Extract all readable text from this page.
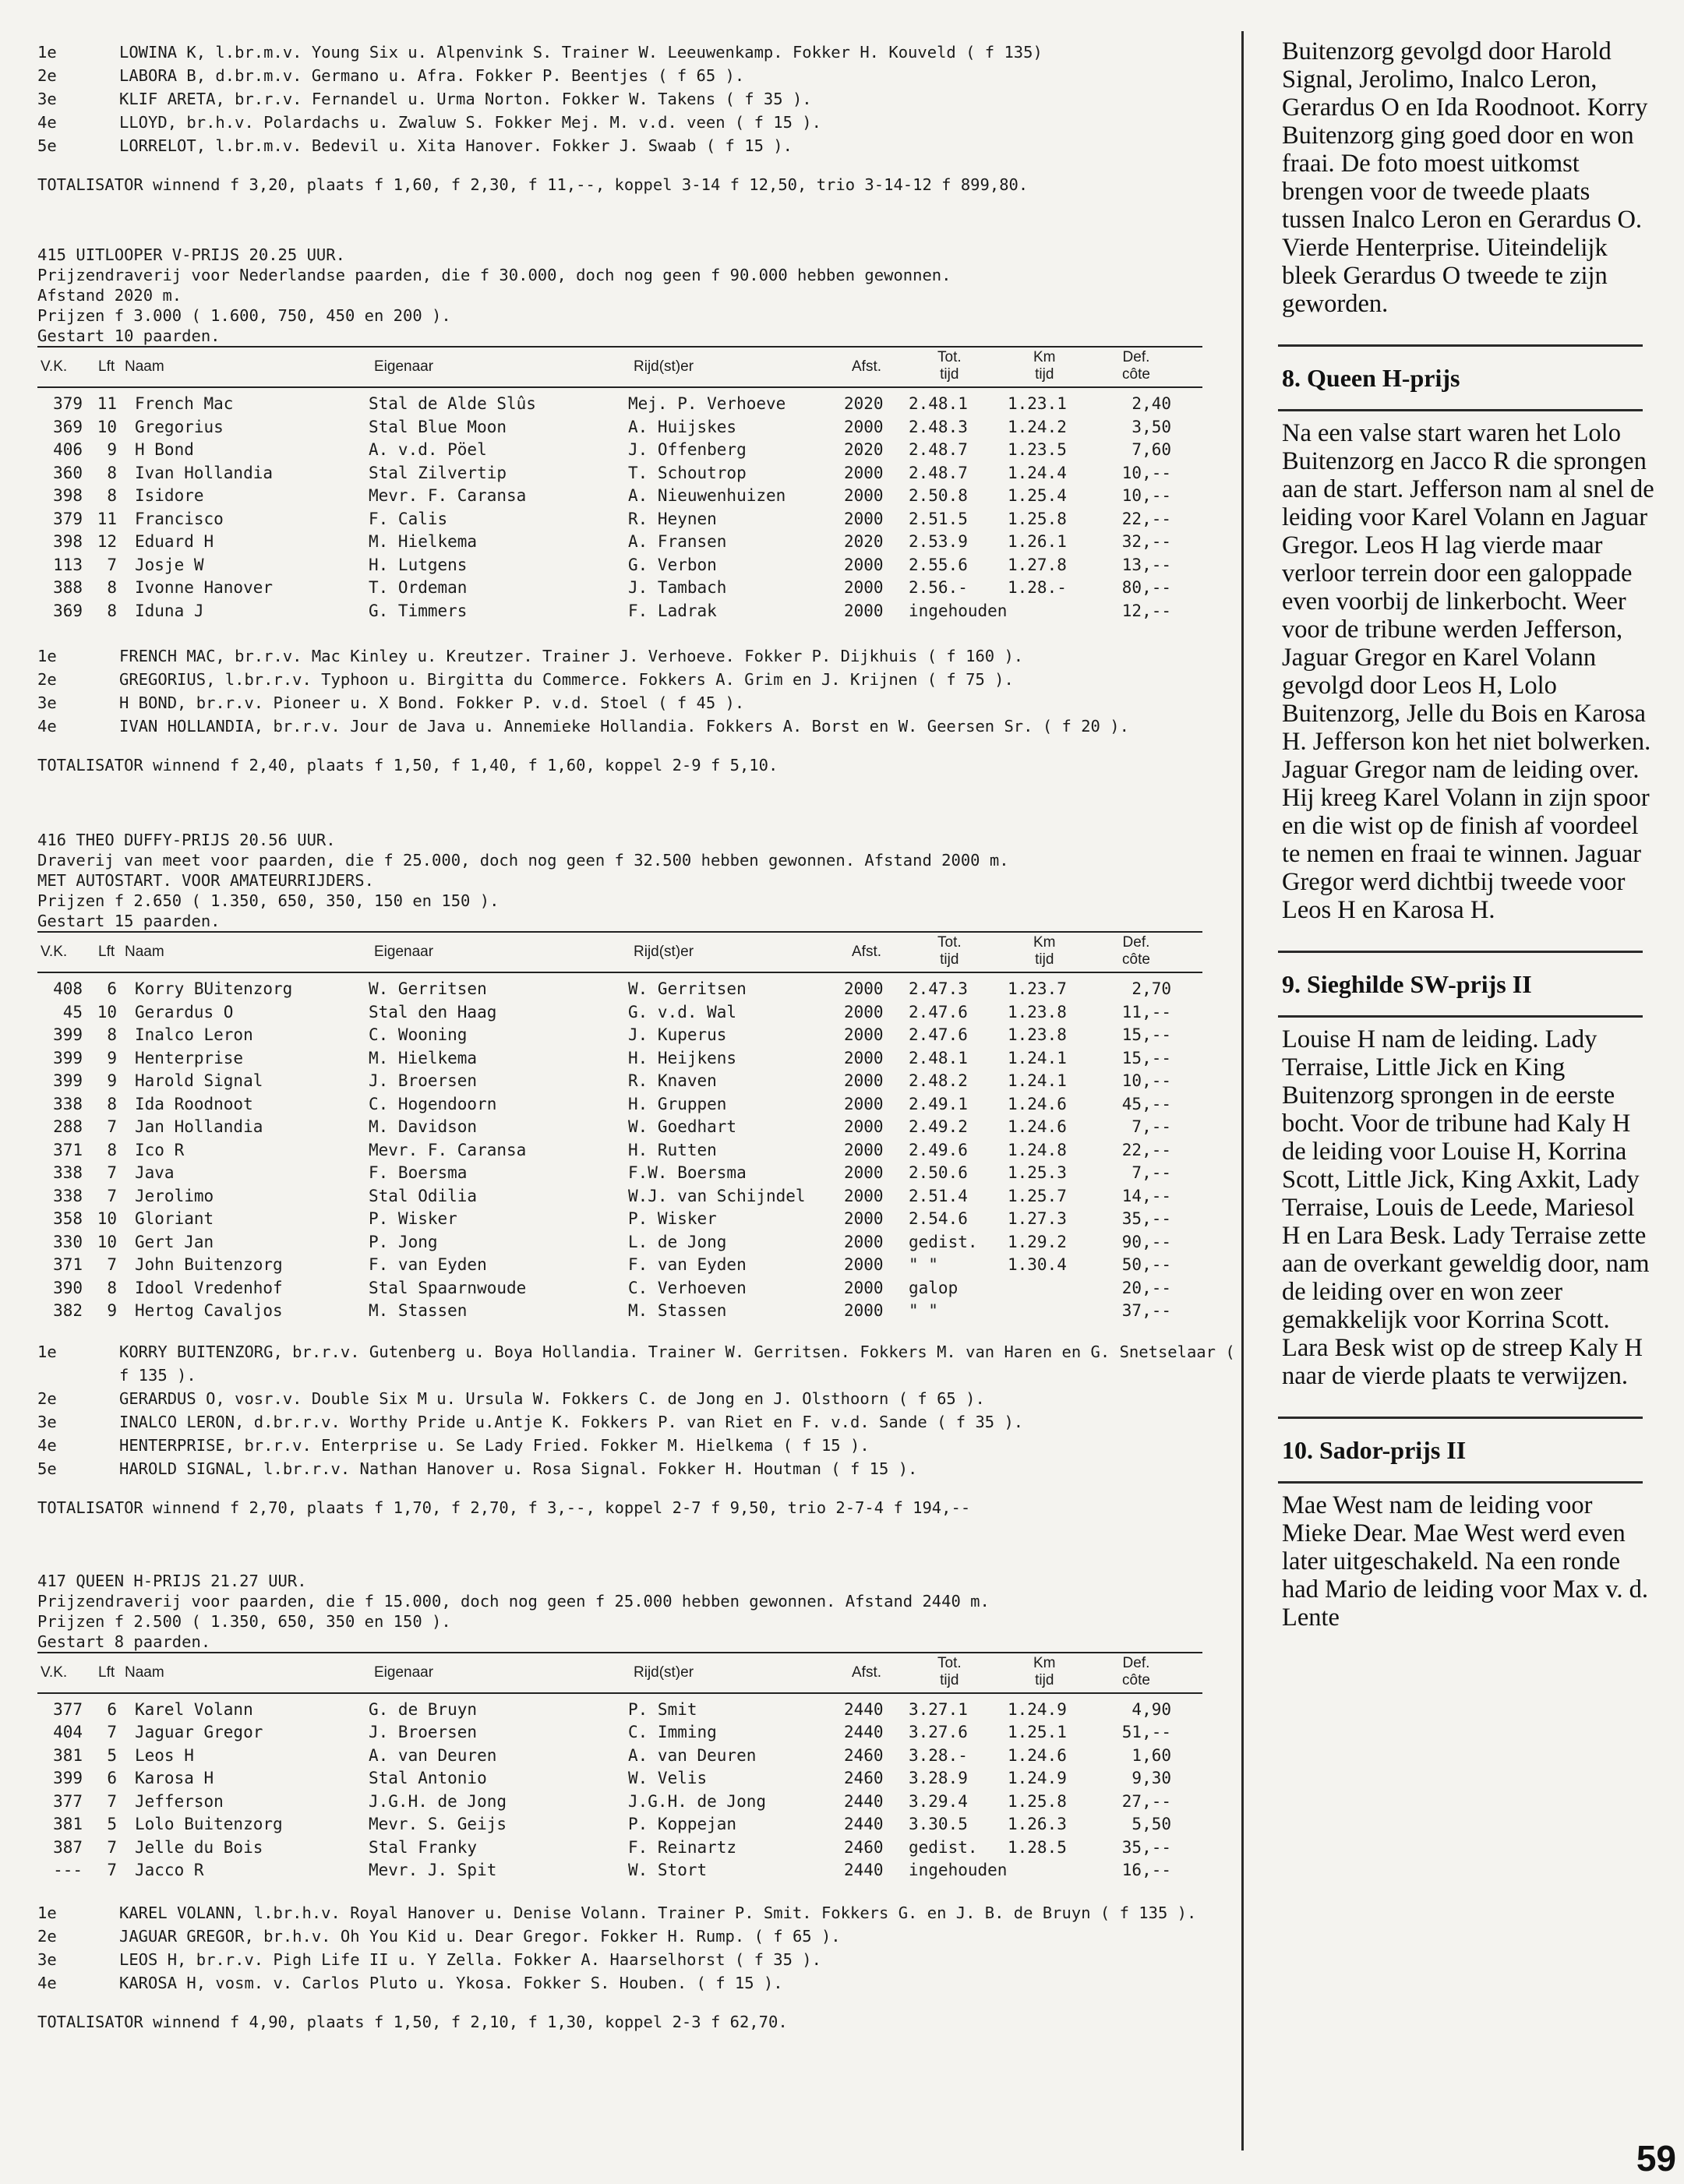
1e	LOWINA K, l.br.m.v. Young Six u. Alpenvink S. Trainer W. Leeuwenkamp. Fokker H. Kouveld ( f 135)
2e	LABORA B, d.br.m.v. Germano u. Afra. Fokker P. Beentjes ( f 65 ).
3e	KLIF ARETA, br.r.v. Fernandel u. Urma Norton. Fokker W. Takens ( f 35 ).
4e	LLOYD, br.h.v. Polardachs u. Zwaluw S. Fokker Mej. M. v.d. veen ( f 15 ).
5e	LORRELOT, l.br.m.v. Bedevil u. Xita Hanover. Fokker J. Swaab ( f 15 ).
TOTALISATOR winnend f 3,20, plaats f 1,60, f 2,30, f 11,--, koppel 3-14 f 12,50, trio 3-14-12 f 899,80.
415 UITLOOPER V-PRIJS 20.25 UUR.
Prijzendraverij voor Nederlandse paarden, die f 30.000, doch nog geen f 90.000 hebben gewonnen.
Afstand 2020 m.
Prijzen f 3.000 ( 1.600, 750, 450 en 200 ).
Gestart 10 paarden.
V.K. Lft Naam	Eigenaar	Rijd(st)er	Afst.
Tot.
tijd
Km
tijd
Def.
côte
379 11 French Mac	Stal de Alde Slûs	Mej. P. Verhoeve	2020	2.48.1	1.23.1	2,40
369 10 Gregorius	Stal Blue Moon	A. Huijskes	2000	2.48.3	1.24.2	3,50
406	9 H Bond	A. v.d. Pöel	J. Offenberg	2020	2.48.7	1.23.5	7,60
360	8 Ivan Hollandia	Stal Zilvertip	T. Schoutrop	2000	2.48.7	1.24.4	10,--
398	8 Isidore	Mevr. F. Caransa	A. Nieuwenhuizen	2000	2.50.8	1.25.4	10,--
379 11 Francisco	F. Calis	R. Heynen	2000	2.51.5	1.25.8	22,--
398 12 Eduard H	M. Hielkema	A. Fransen	2020	2.53.9	1.26.1	32,--
113	7 Josje W	H. Lutgens	G. Verbon	2000	2.55.6	1.27.8	13,--
388	8 Ivonne Hanover	T. Ordeman	J. Tambach	2000	2.56.-	1.28.-	80,--
369	8 Iduna J	G. Timmers	F. Ladrak	2000	ingehouden	12,--
1e	FRENCH MAC, br.r.v. Mac Kinley u. Kreutzer. Trainer J. Verhoeve. Fokker P. Dijkhuis ( f 160 ).
2e	GREGORIUS, l.br.r.v. Typhoon u. Birgitta du Commerce. Fokkers A. Grim en J. Krijnen ( f 75 ).
3e	H BOND, br.r.v. Pioneer u. X Bond. Fokker P. v.d. Stoel ( f 45 ).
4e	IVAN HOLLANDIA, br.r.v. Jour de Java u. Annemieke Hollandia. Fokkers A. Borst en W. Geersen Sr. ( f 20 ).
TOTALISATOR winnend f 2,40, plaats f 1,50, f 1,40, f 1,60, koppel 2-9 f 5,10.
416 THEO DUFFY-PRIJS 20.56 UUR.
Draverij van meet voor paarden, die f 25.000, doch nog geen f 32.500 hebben gewonnen. Afstand 2000 m.
MET AUTOSTART. VOOR AMATEURRIJDERS.
Prijzen f 2.650 ( 1.350, 650, 350, 150 en 150 ).
Gestart 15 paarden.
V.K. Lft Naam	Eigenaar	Rijd(st)er	Afst.
Tot.
tijd
Km
tijd
Def.
côte
408	6 Korry BUitenzorg	W. Gerritsen	W. Gerritsen	2000	2.47.3	1.23.7	2,70
45 10 Gerardus O	Stal den Haag	G. v.d. Wal	2000	2.47.6	1.23.8	11,--
399	8 Inalco Leron	C. Wooning	J. Kuperus	2000	2.47.6	1.23.8	15,--
399	9 Henterprise	M. Hielkema	H. Heijkens	2000	2.48.1	1.24.1	15,--
399	9 Harold Signal	J. Broersen	R. Knaven	2000	2.48.2	1.24.1	10,--
338	8 Ida Roodnoot	C. Hogendoorn	H. Gruppen	2000	2.49.1	1.24.6	45,--
288	7 Jan Hollandia	M. Davidson	W. Goedhart	2000	2.49.2	1.24.6	7,--
371	8 Ico R	Mevr. F. Caransa	H. Rutten	2000	2.49.6	1.24.8	22,--
338	7 Java	F. Boersma	F.W. Boersma	2000	2.50.6	1.25.3	7,--
338	7 Jerolimo	Stal Odilia	W.J. van Schijndel	2000	2.51.4	1.25.7	14,--
358 10 Gloriant	P. Wisker	P. Wisker	2000	2.54.6	1.27.3	35,--
330 10 Gert Jan	P. Jong	L. de Jong	2000	gedist.	1.29.2	90,--
371	7 John Buitenzorg	F. van Eyden	F. van Eyden	2000	" "	1.30.4	50,--
390	8 Idool Vredenhof	Stal Spaarnwoude	C. Verhoeven	2000	galop	20,--
382	9 Hertog Cavaljos	M. Stassen	M. Stassen	2000	" "	37,--
1e	KORRY BUITENZORG, br.r.v. Gutenberg u. Boya Hollandia. Trainer W. Gerritsen. Fokkers M. van Haren en G. Snetselaar ( f 135 ).
2e	GERARDUS O, vosr.v. Double Six M u. Ursula W. Fokkers C. de Jong en J. Olsthoorn ( f 65 ).
3e	INALCO LERON, d.br.r.v. Worthy Pride u.Antje K. Fokkers P. van Riet en F. v.d. Sande ( f 35 ).
4e	HENTERPRISE, br.r.v. Enterprise u. Se Lady Fried. Fokker M. Hielkema ( f 15 ).
5e	HAROLD SIGNAL, l.br.r.v. Nathan Hanover u. Rosa Signal. Fokker H. Houtman ( f 15 ).
TOTALISATOR winnend f 2,70, plaats f 1,70, f 2,70, f 3,--, koppel 2-7 f 9,50, trio 2-7-4 f 194,--
417 QUEEN H-PRIJS 21.27 UUR.
Prijzendraverij voor paarden, die f 15.000, doch nog geen f 25.000 hebben gewonnen. Afstand 2440 m.
Prijzen f 2.500 ( 1.350, 650, 350 en 150 ).
Gestart 8 paarden.
V.K. Lft Naam	Eigenaar	Rijd(st)er	Afst.
Tot.
tijd
Km
tijd
Def.
côte
377	6 Karel Volann	G. de Bruyn	P. Smit	2440	3.27.1	1.24.9	4,90
404	7 Jaguar Gregor	J. Broersen	C. Imming	2440	3.27.6	1.25.1	51,--
381	5 Leos H	A. van Deuren	A. van Deuren	2460	3.28.-	1.24.6	1,60
399	6 Karosa H	Stal Antonio	W. Velis	2460	3.28.9	1.24.9	9,30
377	7 Jefferson	J.G.H. de Jong	J.G.H. de Jong	2440	3.29.4	1.25.8	27,--
381	5 Lolo Buitenzorg	Mevr. S. Geijs	P. Koppejan	2440	3.30.5	1.26.3	5,50
387	7 Jelle du Bois	Stal Franky	F. Reinartz	2460	gedist.	1.28.5	35,--
---	7 Jacco R	Mevr. J. Spit	W. Stort	2440	ingehouden	16,--
1e	KAREL VOLANN, l.br.h.v. Royal Hanover u. Denise Volann. Trainer P. Smit. Fokkers G. en J. B. de Bruyn ( f 135 ).
2e	JAGUAR GREGOR, br.h.v. Oh You Kid u. Dear Gregor. Fokker H. Rump. ( f 65 ).
3e	LEOS H, br.r.v. Pigh Life II u. Y Zella. Fokker A. Haarselhorst ( f 35 ).
4e	KAROSA H, vosm. v. Carlos Pluto u. Ykosa. Fokker S. Houben. ( f 15 ).
TOTALISATOR winnend f 4,90, plaats f 1,50, f 2,10, f 1,30, koppel 2-3 f 62,70.

Buitenzorg gevolgd door Harold Signal, Jerolimo, Inalco Leron, Gerardus O en Ida Roodnoot. Korry Buitenzorg ging goed door en won fraai. De foto moest uitkomst brengen voor de tweede plaats tussen Inalco Leron en Gerardus O. Vierde Henterprise. Uiteindelijk bleek Gerardus O tweede te zijn geworden.

8. Queen H-prijs

Na een valse start waren het Lolo Buitenzorg en Jacco R die sprongen aan de start. Jefferson nam al snel de leiding voor Karel Volann en Jaguar Gregor. Leos H lag vierde maar verloor terrein door een galoppade even voorbij de linkerbocht. Weer voor de tribune werden Jefferson, Jaguar Gregor en Karel Volann gevolgd door Leos H, Lolo Buitenzorg, Jelle du Bois en Karosa H. Jefferson kon het niet bolwerken. Jaguar Gregor nam de leiding over. Hij kreeg Karel Volann in zijn spoor en die wist op de finish af voordeel te nemen en fraai te winnen. Jaguar Gregor werd dichtbij tweede voor Leos H en Karosa H.

9. Sieghilde SW-prijs II

Louise H nam de leiding. Lady Terraise, Little Jick en King Buitenzorg sprongen in de eerste bocht. Voor de tribune had Kaly H de leiding voor Louise H, Korrina Scott, Little Jick, King Axkit, Lady Terraise, Louis de Leede, Mariesol H en Lara Besk. Lady Terraise zette aan de overkant geweldig door, nam de leiding over en won zeer gemakkelijk voor Korrina Scott. Lara Besk wist op de streep Kaly H naar de vierde plaats te verwijzen.

10. Sador-prijs II

Mae West nam de leiding voor Mieke Dear. Mae West werd even later uitgeschakeld. Na een ronde had Mario de leiding voor Max v. d. Lente

59
